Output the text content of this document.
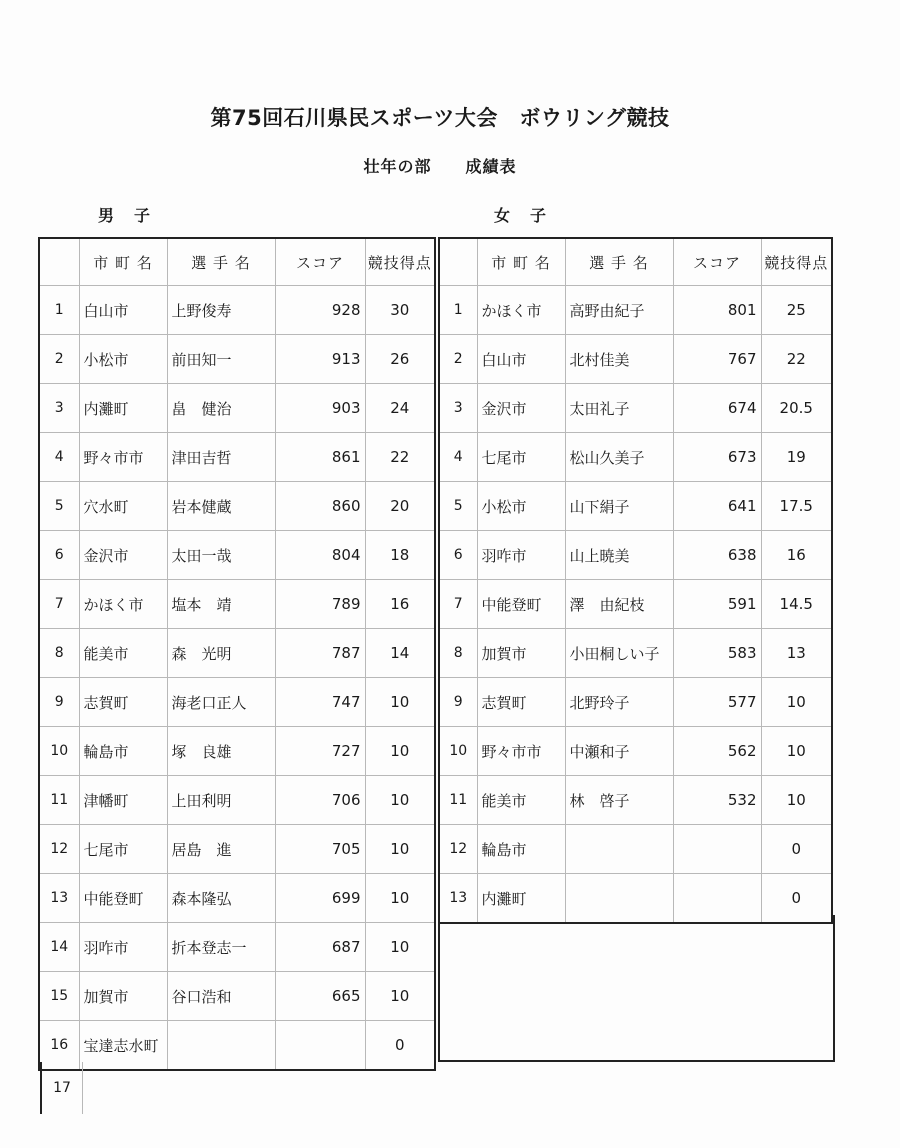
第75回石川県民スポーツ大会　ボウリング競技
壮年の部　　成績表
男　子	女　子
	市 町 名	選 手 名	スコア	競技得点
1	白山市	上野俊寿	928	30
2	小松市	前田知一	913	26
3	内灘町	畠　健治	903	24
4	野々市市	津田吉哲	861	22
5	穴水町	岩本健蔵	860	20
6	金沢市	太田一哉	804	18
7	かほく市	塩本　靖	789	16
8	能美市	森　光明	787	14
9	志賀町	海老口正人	747	10
10	輪島市	塚　良雄	727	10
11	津幡町	上田利明	706	10
12	七尾市	居島　進	705	10
13	中能登町	森本隆弘	699	10
14	羽咋市	折本登志一	687	10
15	加賀市	谷口浩和	665	10
16	宝達志水町			0
	市 町 名	選 手 名	スコア	競技得点
1	かほく市	高野由紀子	801	25
2	白山市	北村佳美	767	22
3	金沢市	太田礼子	674	20.5
4	七尾市	松山久美子	673	19
5	小松市	山下絹子	641	17.5
6	羽咋市	山上暁美	638	16
7	中能登町	澤　由紀枝	591	14.5
8	加賀市	小田桐しい子	583	13
9	志賀町	北野玲子	577	10
10	野々市市	中瀬和子	562	10
11	能美市	林　啓子	532	10
12	輪島市			0
13	内灘町			0
17
